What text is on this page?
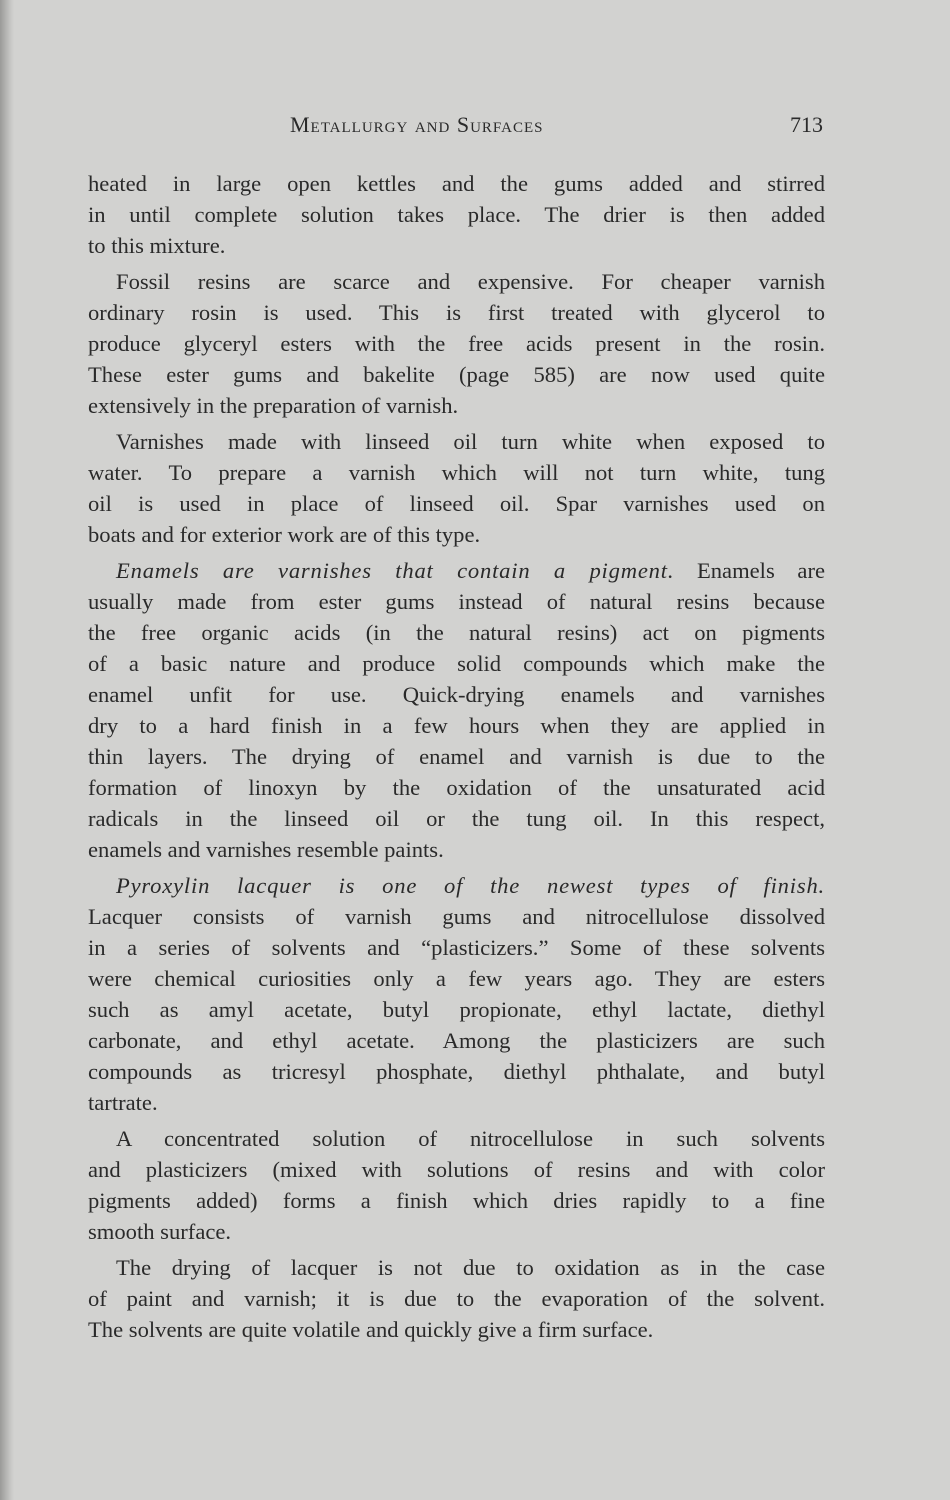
Metallurgy and Surfaces	713
heated in large open kettles and the gums added and stirred
in until complete solution takes place. The drier is then added
to this mixture.
Fossil resins are scarce and expensive. For cheaper varnish
ordinary rosin is used. This is first treated with glycerol to
produce glyceryl esters with the free acids present in the rosin.
These ester gums and bakelite (page 585) are now used quite
extensively in the preparation of varnish.
Varnishes made with linseed oil turn white when exposed to
water. To prepare a varnish which will not turn white, tung
oil is used in place of linseed oil. Spar varnishes used on
boats and for exterior work are of this type.
Enamels are varnishes that contain a pigment. Enamels are
usually made from ester gums instead of natural resins because
the free organic acids (in the natural resins) act on pigments
of a basic nature and produce solid compounds which make the
enamel unfit for use. Quick-drying enamels and varnishes
dry to a hard finish in a few hours when they are applied in
thin layers. The drying of enamel and varnish is due to the
formation of linoxyn by the oxidation of the unsaturated acid
radicals in the linseed oil or the tung oil. In this respect,
enamels and varnishes resemble paints.
Pyroxylin lacquer is one of the newest types of finish.
Lacquer consists of varnish gums and nitrocellulose dissolved
in a series of solvents and “plasticizers.” Some of these solvents
were chemical curiosities only a few years ago. They are esters
such as amyl acetate, butyl propionate, ethyl lactate, diethyl
carbonate, and ethyl acetate. Among the plasticizers are such
compounds as tricresyl phosphate, diethyl phthalate, and butyl
tartrate.
A concentrated solution of nitrocellulose in such solvents
and plasticizers (mixed with solutions of resins and with color
pigments added) forms a finish which dries rapidly to a fine
smooth surface.
The drying of lacquer is not due to oxidation as in the case
of paint and varnish; it is due to the evaporation of the solvent.
The solvents are quite volatile and quickly give a firm surface.
